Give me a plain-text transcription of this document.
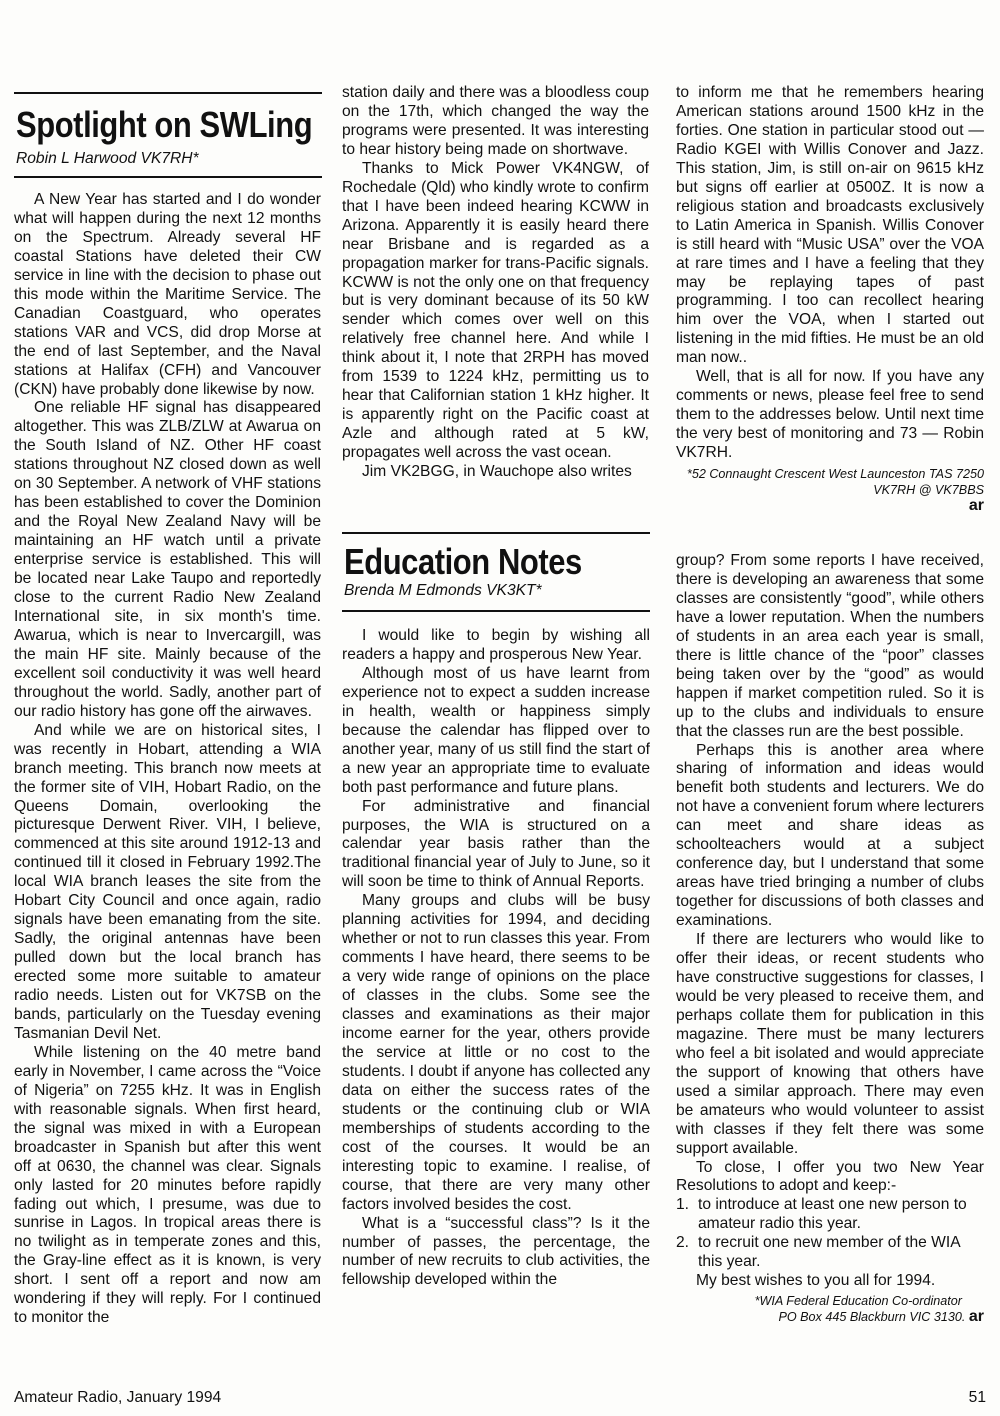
Spotlight on SWLing

Robin L Harwood VK7RH*

A New Year has started and I do wonder what will happen during the next 12 months on the Spectrum. Already several HF coastal Stations have deleted their CW service in line with the decision to phase out this mode within the Maritime Service. The Canadian Coastguard, who operates stations VAR and VCS, did drop Morse at the end of last September, and the Naval stations at Halifax (CFH) and Vancouver (CKN) have probably done likewise by now.

One reliable HF signal has disappeared altogether. This was ZLB/ZLW at Awarua on the South Island of NZ. Other HF coast stations throughout NZ closed down as well on 30 September. A network of VHF stations has been established to cover the Dominion and the Royal New Zealand Navy will be maintaining an HF watch until a private enterprise service is established. This will be located near Lake Taupo and reportedly close to the current Radio New Zealand International site, in six month's time. Awarua, which is near to Invercargill, was the main HF site. Mainly because of the excellent soil conductivity it was well heard throughout the world. Sadly, another part of our radio history has gone off the airwaves.

And while we are on historical sites, I was recently in Hobart, attending a WIA branch meeting. This branch now meets at the former site of VIH, Hobart Radio, on the Queens Domain, overlooking the picturesque Derwent River. VIH, I believe, commenced at this site around 1912-13 and continued till it closed in February 1992.The local WIA branch leases the site from the Hobart City Council and once again, radio signals have been emanating from the site. Sadly, the original antennas have been pulled down but the local branch has erected some more suitable to amateur radio needs. Listen out for VK7SB on the bands, particularly on the Tuesday evening Tasmanian Devil Net.

While listening on the 40 metre band early in November, I came across the “Voice of Nigeria” on 7255 kHz. It was in English with reasonable signals. When first heard, the signal was mixed in with a European broadcaster in Spanish but after this went off at 0630, the channel was clear. Signals only lasted for 20 minutes before rapidly fading out which, I presume, was due to sunrise in Lagos. In tropical areas there is no twilight as in temperate zones and this, the Gray-line effect as it is known, is very short. I sent off a report and now am wondering if they will reply. For I continued to monitor the

station daily and there was a bloodless coup on the 17th, which changed the way the programs were presented. It was interesting to hear history being made on shortwave.

Thanks to Mick Power VK4NGW, of Rochedale (Qld) who kindly wrote to confirm that I have been indeed hearing KCWW in Arizona. Apparently it is easily heard there near Brisbane and is regarded as a propagation marker for trans-Pacific signals. KCWW is not the only one on that frequency but is very dominant because of its 50 kW sender which comes over well on this relatively free channel here. And while I think about it, I note that 2RPH has moved from 1539 to 1224 kHz, permitting us to hear that Californian station 1 kHz higher. It is apparently right on the Pacific coast at Azle and although rated at 5 kW, propagates well across the vast ocean.

Jim VK2BGG, in Wauchope also writes

to inform me that he remembers hearing American stations around 1500 kHz in the forties. One station in particular stood out — Radio KGEI with Willis Conover and Jazz. This station, Jim, is still on-air on 9615 kHz but signs off earlier at 0500Z. It is now a religious station and broadcasts exclusively to Latin America in Spanish. Willis Conover is still heard with “Music USA” over the VOA at rare times and I have a feeling that they may be replaying tapes of past programming. I too can recollect hearing him over the VOA, when I started out listening in the mid fifties. He must be an old man now..

Well, that is all for now. If you have any comments or news, please feel free to send them to the addresses below. Until next time the very best of monitoring and 73 — Robin VK7RH.

*52 Connaught Crescent West Launceston TAS 7250

VK7RH @ VK7BBS

ar

Education Notes

Brenda M Edmonds VK3KT*

I would like to begin by wishing all readers a happy and prosperous New Year.

Although most of us have learnt from experience not to expect a sudden increase in health, wealth or happiness simply because the calendar has flipped over to another year, many of us still find the start of a new year an appropriate time to evaluate both past performance and future plans.

For administrative and financial purposes, the WIA is structured on a calendar year basis rather than the traditional financial year of July to June, so it will soon be time to think of Annual Reports.

Many groups and clubs will be busy planning activities for 1994, and deciding whether or not to run classes this year. From comments I have heard, there seems to be a very wide range of opinions on the place of classes in the clubs. Some see the classes and examinations as their major income earner for the year, others provide the service at little or no cost to the students. I doubt if anyone has collected any data on either the success rates of the students or the continuing club or WIA memberships of students according to the cost of the courses. It would be an interesting topic to examine. I realise, of course, that there are very many other factors involved besides the cost.

What is a “successful class”? Is it the number of passes, the percentage, the number of new recruits to club activities, the fellowship developed within the

group? From some reports I have received, there is developing an awareness that some classes are consistently “good”, while others have a lower reputation. When the numbers of students in an area each year is small, there is little chance of the “poor” classes being taken over by the “good” as would happen if market competition ruled. So it is up to the clubs and individuals to ensure that the classes run are the best possible.

Perhaps this is another area where sharing of information and ideas would benefit both students and lecturers. We do not have a convenient forum where lecturers can meet and share ideas as schoolteachers would at a subject conference day, but I understand that some areas have tried bringing a number of clubs together for discussions of both classes and examinations.

If there are lecturers who would like to offer their ideas, or recent students who have constructive suggestions for classes, I would be very pleased to receive them, and perhaps collate them for publication in this magazine. There must be many lecturers who feel a bit isolated and would appreciate the support of knowing that others have used a similar approach. There may even be amateurs who would volunteer to assist with classes if they felt there was some support available.

To close, I offer you two New Year Resolutions to adopt and keep:-

1. to introduce at least one new person to amateur radio this year.
2. to recruit one new member of the WIA this year.

My best wishes to you all for 1994.

*WIA Federal Education Co-ordinator

PO Box 445 Blackburn VIC 3130. ar

Amateur Radio, January 1994	51
